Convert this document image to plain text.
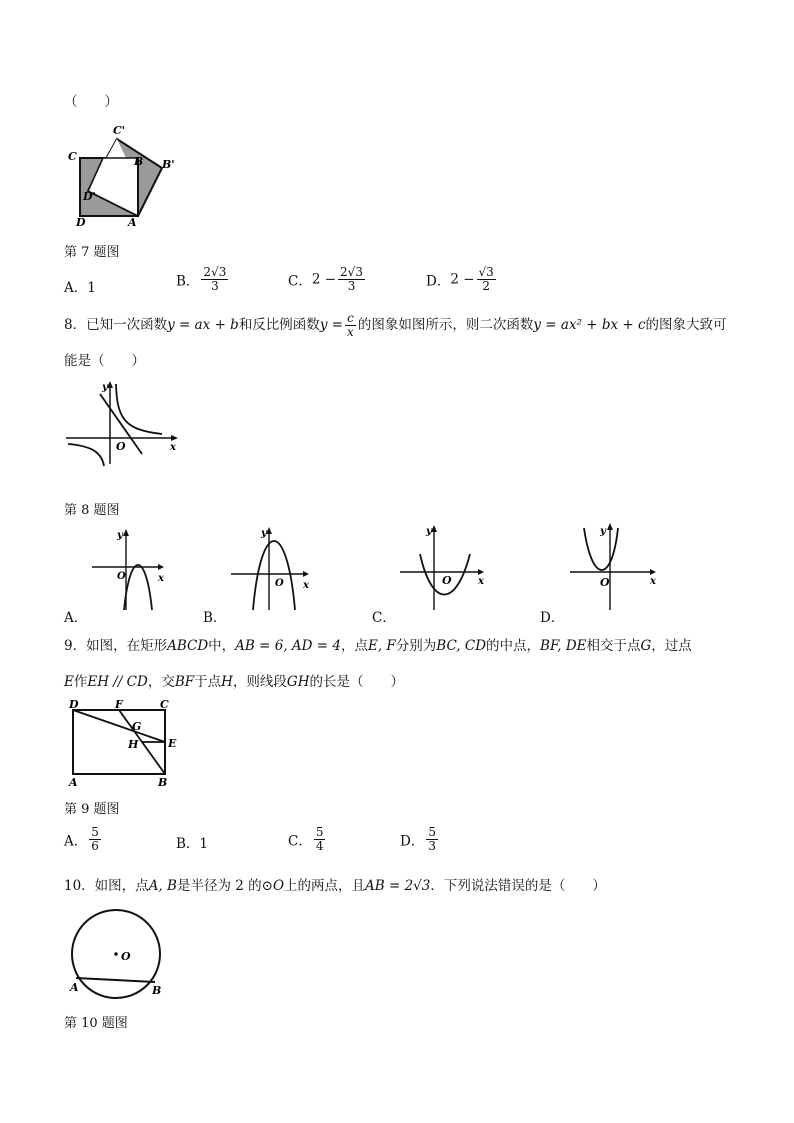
（　　）
C'
C	B B'
D'
D	A
第 7 题图
A．1	B． $\frac{2√3}{3}$	C．$2 - \frac{2√3}{3}$	D．$2 - \frac{√3}{2}$
8．已知一次函数y = ax + b和反比例函数$y = \frac{c}{x}$ 的图象如图所示，则二次函数y = ax² + bx + c的图象大致可
能是（　　）
y
x
O
第 8 题图
y
x
O
y
x
O
y
x
O
y
x
O
A．	B．	C．	D．
9．如图，在矩形ABCD中，AB = 6, AD = 4，点E, F分别为BC, CD的中点，BF, DE相交于点G，过点
E作EH // CD，交BF于点H，则线段GH的长是（　　）
D	F	C
G
H	E
A	B
第 9 题图
A． $\frac{5}{6}$	B．1	C． $\frac{5}{4}$	D． $\frac{5}{3}$
10．如图，点A, B是半径为 2 的⊙O上的两点，且AB = 2√3．下列说法错误的是（　　）
O
A	B
第 10 题图
